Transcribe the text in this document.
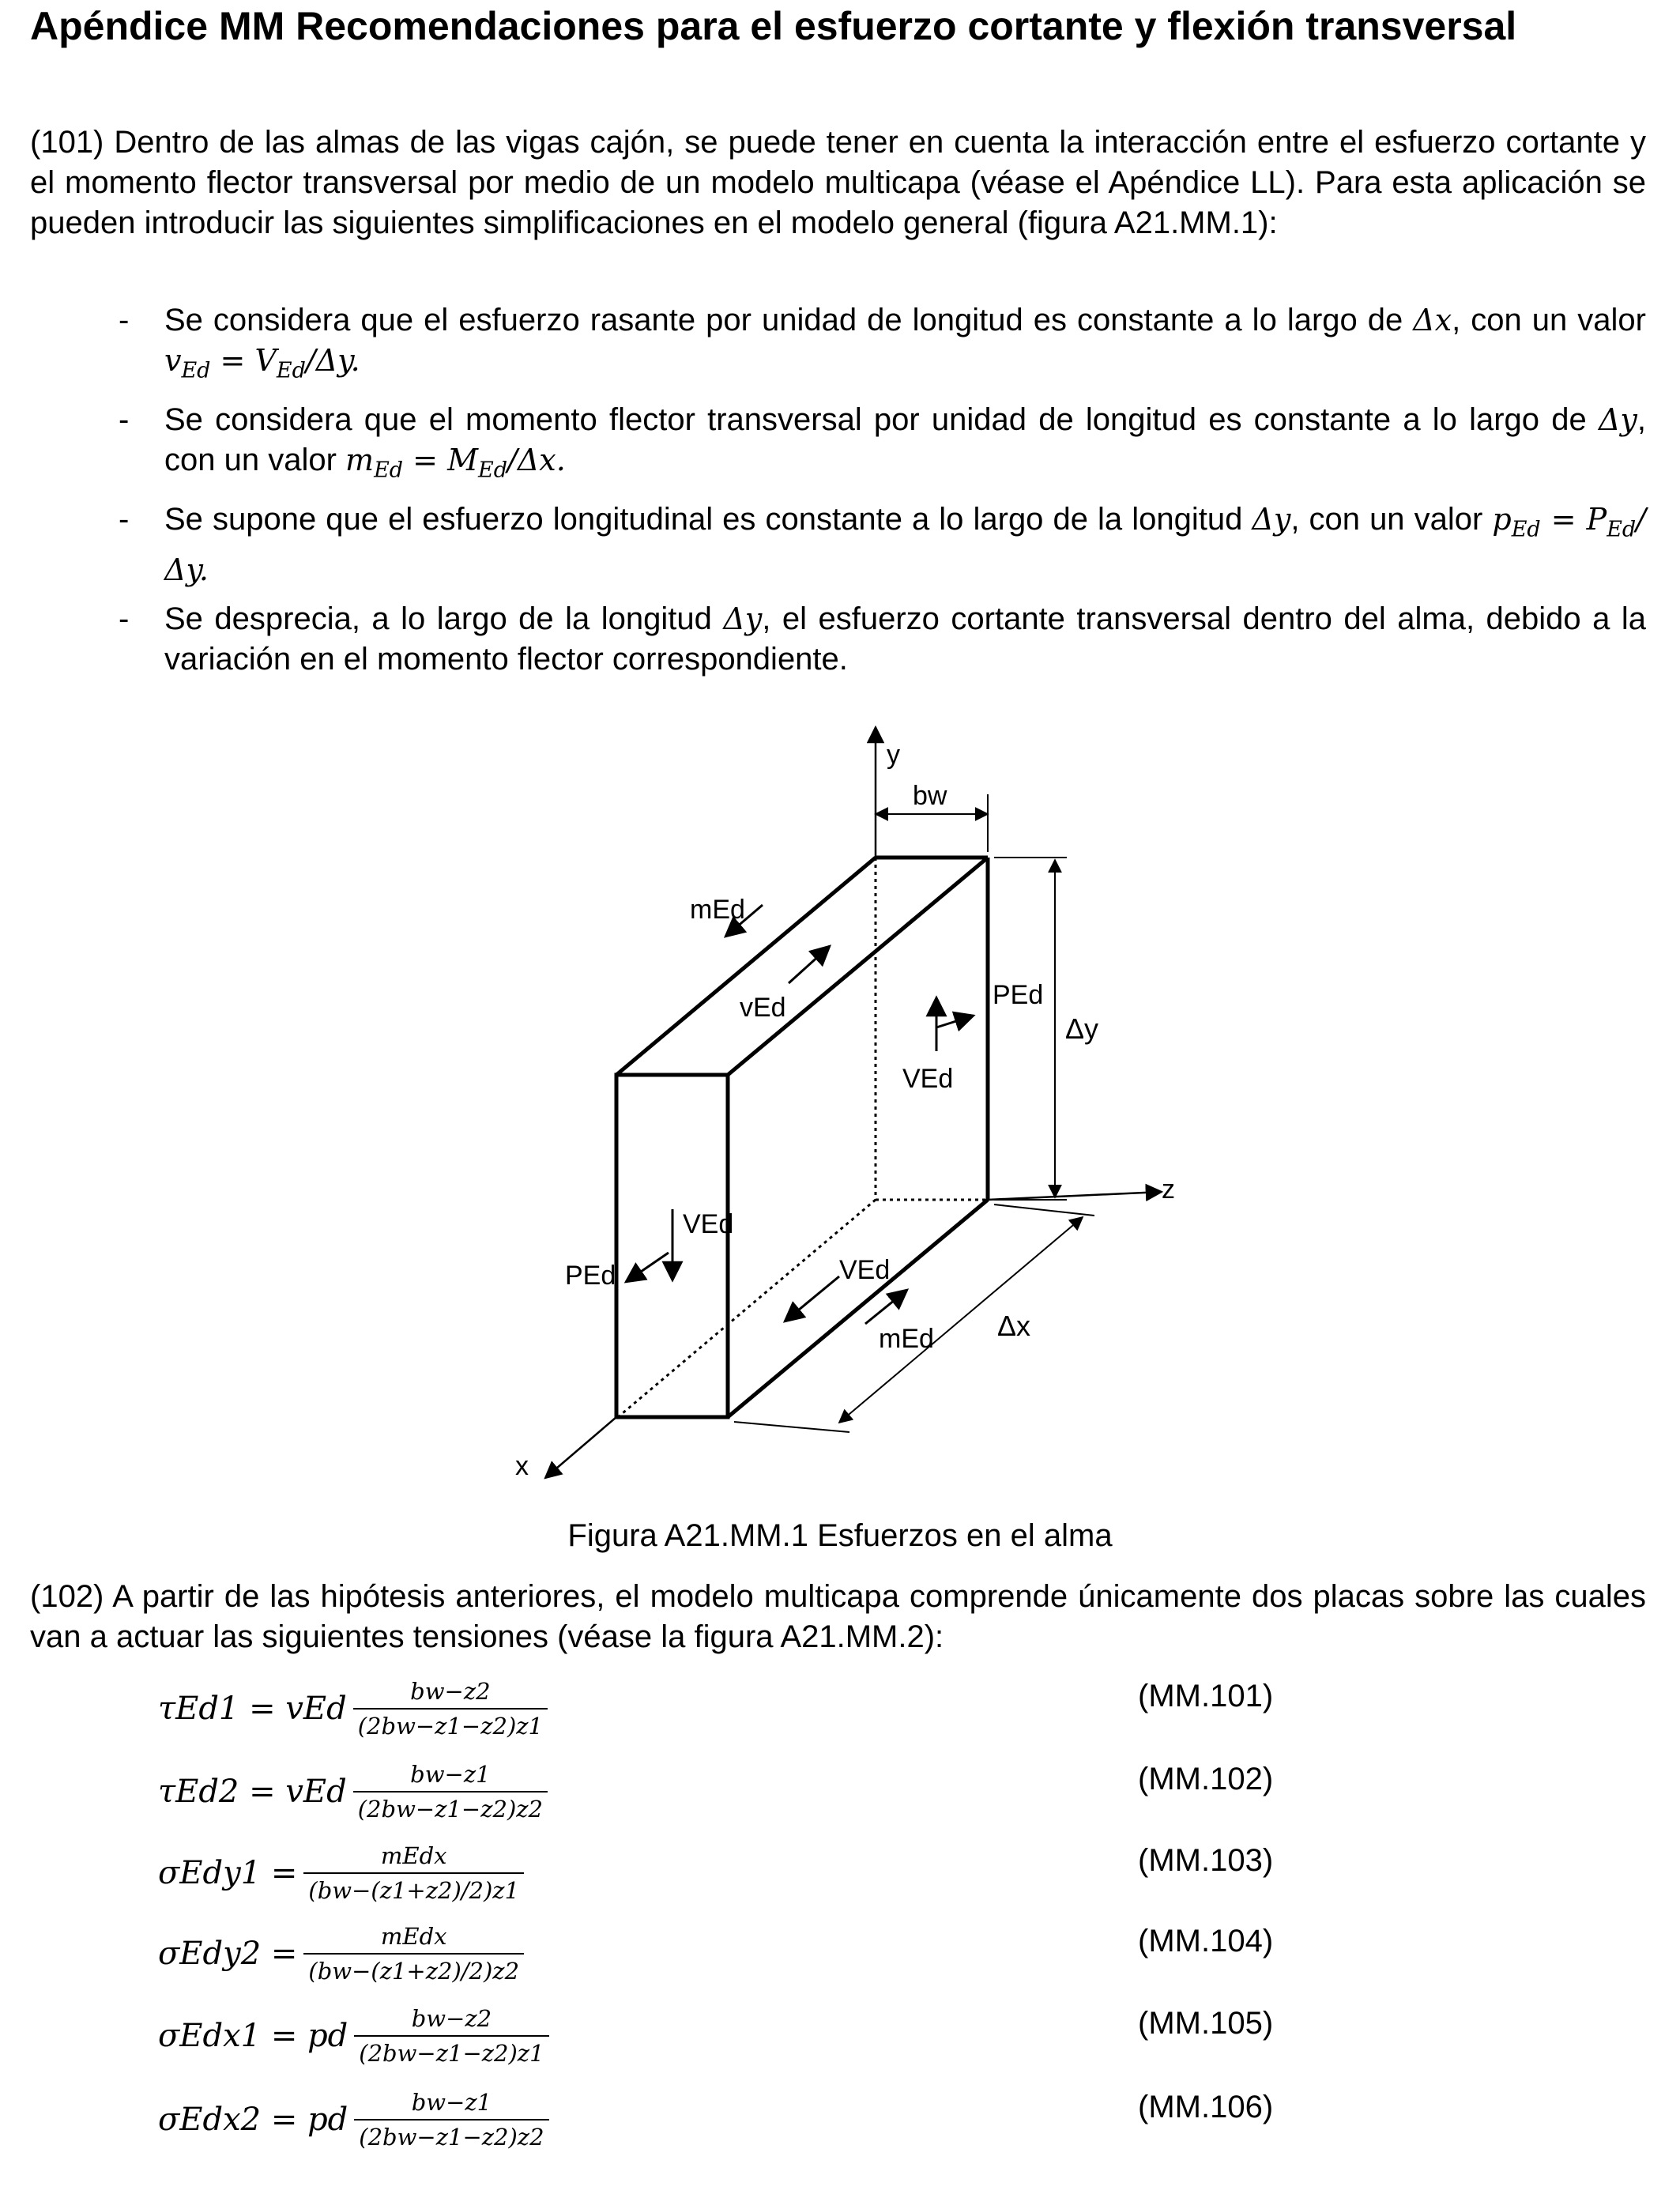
Apéndice MM Recomendaciones para el esfuerzo cortante y flexión transversal

(101) Dentro de las almas de las vigas cajón, se puede tener en cuenta la interacción entre el esfuerzo cortante y el momento flector transversal por medio de un modelo multicapa (véase el Apéndice LL). Para esta aplicación se pueden introducir las siguientes simplificaciones en el modelo general (figura A21.MM.1):

- Se considera que el esfuerzo rasante por unidad de longitud es constante a lo largo de Δx, con un valor $v_{Ed} = V_{Ed}/\Delta y$.
- Se considera que el momento flector transversal por unidad de longitud es constante a lo largo de Δy, con un valor $m_{Ed} = M_{Ed}/\Delta x$.
- Se supone que el esfuerzo longitudinal es constante a lo largo de la longitud Δy, con un valor $p_{Ed} = P_{Ed}/\Delta y$.
- Se desprecia, a lo largo de la longitud Δy, el esfuerzo cortante transversal dentro del alma, debido a la variación en el momento flector correspondiente.
y
x
z
bw
Δy
Δx
mEd
vEd	PEd
VEd
VEd
PEd	VEd
mEd
Figura A21.MM.1 Esfuerzos en el alma

(102) A partir de las hipótesis anteriores, el modelo multicapa comprende únicamente dos placas sobre las cuales van a actuar las siguientes tensiones (véase la figura A21.MM.2):

τEd1 = vEd $\frac{bw-z2}{(2bw-z1-z2)z1}$	(MM.101)
τEd2 = vEd $\frac{bw-z1}{(2bw-z1-z2)z2}$	(MM.102)
$\sigma Edy1 = \frac{\text{mEdx}}{(bw-(z1+z2)/2)z1}$	(MM.103)
$\sigma Edy2 = \frac{\text{mEdx}}{(bw-(z1+z2)/2)z2}$	(MM.104)
σEdx1 = pd $\frac{bw-z2}{(2bw-z1-z2)z1}$	(MM.105)
σEdx2 = pd $\frac{bw-z1}{(2bw-z1-z2)z2}$	(MM.106)
